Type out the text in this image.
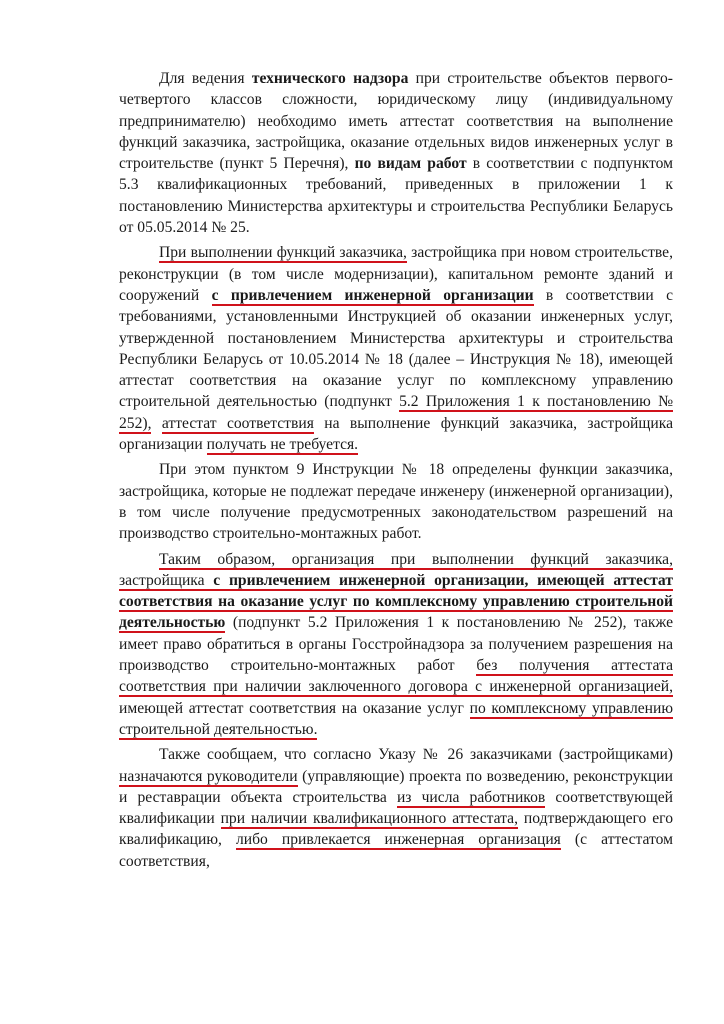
Для ведения технического надзора при строительстве объектов первого-четвертого классов сложности, юридическому лицу (индивидуальному предпринимателю) необходимо иметь аттестат соответствия на выполнение функций заказчика, застройщика, оказание отдельных видов инженерных услуг в строительстве (пункт 5 Перечня), по видам работ в соответствии с подпунктом 5.3 квалификационных требований, приведенных в приложении 1 к постановлению Министерства архитектуры и строительства Республики Беларусь от 05.05.2014 № 25.

При выполнении функций заказчика, застройщика при новом строительстве, реконструкции (в том числе модернизации), капитальном ремонте зданий и сооружений с привлечением инженерной организации в соответствии с требованиями, установленными Инструкцией об оказании инженерных услуг, утвержденной постановлением Министерства архитектуры и строительства Республики Беларусь от 10.05.2014 № 18 (далее – Инструкция № 18), имеющей аттестат соответствия на оказание услуг по комплексному управлению строительной деятельностью (подпункт 5.2 Приложения 1 к постановлению № 252), аттестат соответствия на выполнение функций заказчика, застройщика организации получать не требуется.

При этом пунктом 9 Инструкции № 18 определены функции заказчика, застройщика, которые не подлежат передаче инженеру (инженерной организации), в том числе получение предусмотренных законодательством разрешений на производство строительно-монтажных работ.

Таким образом, организация при выполнении функций заказчика, застройщика с привлечением инженерной организации, имеющей аттестат соответствия на оказание услуг по комплексному управлению строительной деятельностью (подпункт 5.2 Приложения 1 к постановлению № 252), также имеет право обратиться в органы Госстройнадзора за получением разрешения на производство строительно-монтажных работ без получения аттестата соответствия при наличии заключенного договора с инженерной организацией, имеющей аттестат соответствия на оказание услуг по комплексному управлению строительной деятельностью.

Также сообщаем, что согласно Указу № 26 заказчиками (застройщиками) назначаются руководители (управляющие) проекта по возведению, реконструкции и реставрации объекта строительства из числа работников соответствующей квалификации при наличии квалификационного аттестата, подтверждающего его квалификацию, либо привлекается инженерная организация (с аттестатом соответствия,
